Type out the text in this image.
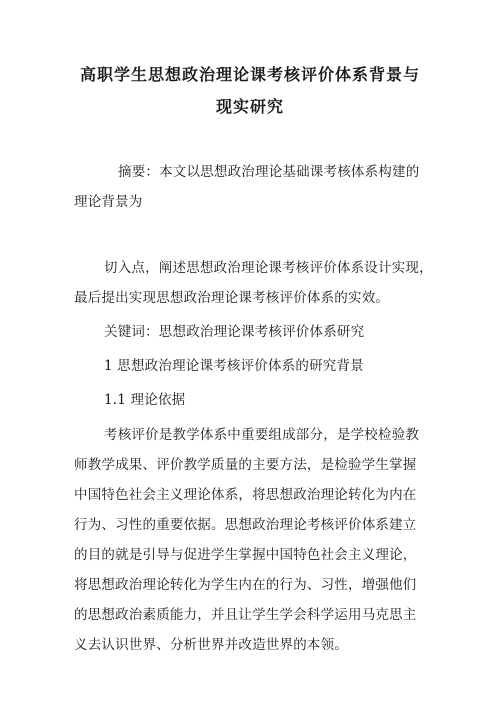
高职学生思想政治理论课考核评价体系背景与
现实研究

摘要：本文以思想政治理论基础课考核体系构建的

理论背景为

切入点，阐述思想政治理论课考核评价体系设计实现，

最后提出实现思想政治理论课考核评价体系的实效。

关键词：思想政治理论课考核评价体系研究

1 思想政治理论课考核评价体系的研究背景

1.1 理论依据

考核评价是教学体系中重要组成部分，是学校检验教

师教学成果、评价教学质量的主要方法，是检验学生掌握

中国特色社会主义理论体系，将思想政治理论转化为内在

行为、习性的重要依据。思想政治理论考核评价体系建立

的目的就是引导与促进学生掌握中国特色社会主义理论，

将思想政治理论转化为学生内在的行为、习性，增强他们

的思想政治素质能力，并且让学生学会科学运用马克思主

义去认识世界、分析世界并改造世界的本领。
